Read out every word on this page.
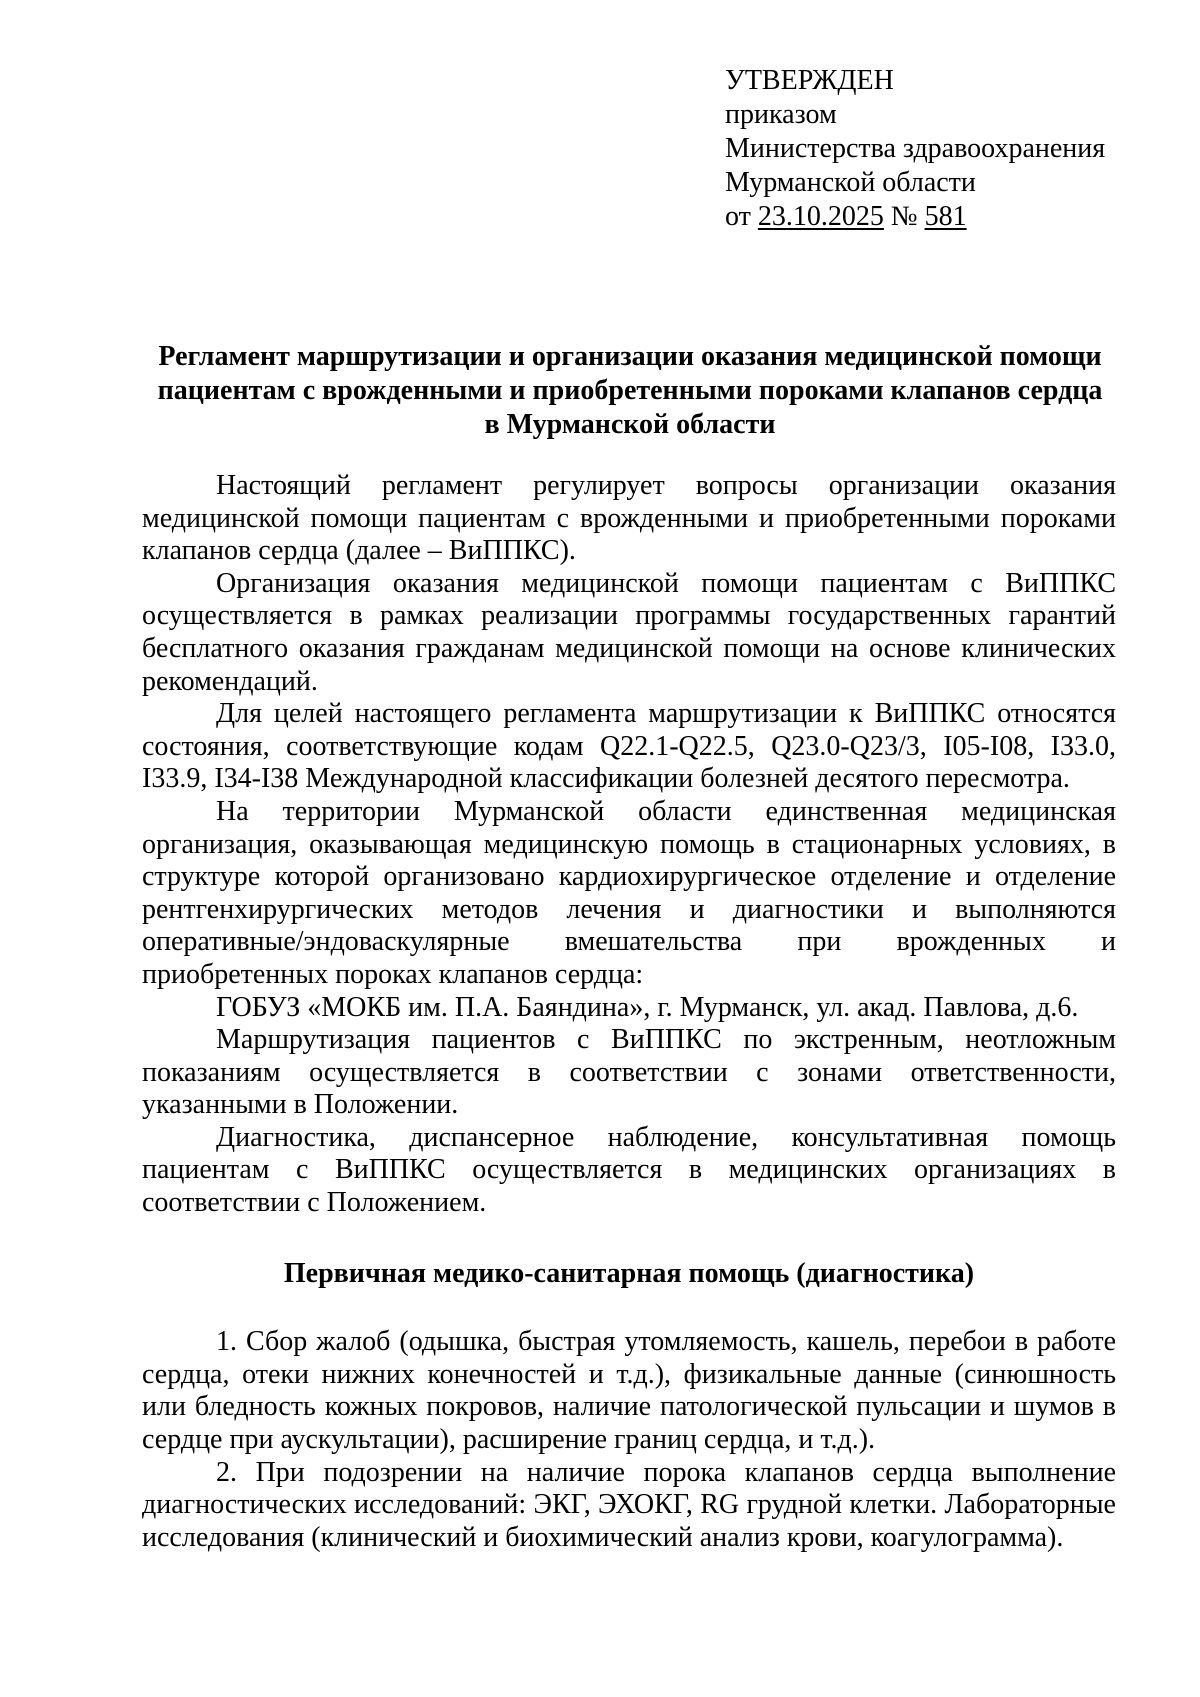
УТВЕРЖДЕН
приказом
Министерства здравоохранения
Мурманской области
от 23.10.2025 № 581
Регламент маршрутизации и организации оказания медицинской помощи
пациентам с врожденными и приобретенными пороками клапанов сердца
в Мурманской области

Настоящий регламент регулирует вопросы организации оказания медицинской помощи пациентам с врожденными и приобретенными пороками клапанов сердца (далее – ВиППКС).

Организация оказания медицинской помощи пациентам с ВиППКС осуществляется в рамках реализации программы государственных гарантий бесплатного оказания гражданам медицинской помощи на основе клинических рекомендаций.

Для целей настоящего регламента маршрутизации к ВиППКС относятся состояния, соответствующие кодам Q22.1-Q22.5, Q23.0-Q23/3, I05-I08, I33.0, I33.9, I34-I38 Международной классификации болезней десятого пересмотра.

На территории Мурманской области единственная медицинская организация, оказывающая медицинскую помощь в стационарных условиях, в структуре которой организовано кардиохирургическое отделение и отделение рентгенхирургических методов лечения и диагностики и выполняются оперативные/эндоваскулярные вмешательства при врожденных и приобретенных пороках клапанов сердца:

ГОБУЗ «МОКБ им. П.А. Баяндина», г. Мурманск, ул. акад. Павлова, д.6.

Маршрутизация пациентов с ВиППКС по экстренным, неотложным показаниям осуществляется в соответствии с зонами ответственности, указанными в Положении.

Диагностика, диспансерное наблюдение, консультативная помощь пациентам с ВиППКС осуществляется в медицинских организациях в соответствии с Положением.

Первичная медико-санитарная помощь (диагностика)

1. Сбор жалоб (одышка, быстрая утомляемость, кашель, перебои в работе сердца, отеки нижних конечностей и т.д.), физикальные данные (синюшность или бледность кожных покровов, наличие патологической пульсации и шумов в сердце при аускультации), расширение границ сердца, и т.д.).

2. При подозрении на наличие порока клапанов сердца выполнение диагностических исследований: ЭКГ, ЭХОКГ, RG грудной клетки. Лабораторные исследования (клинический и биохимический анализ крови, коагулограмма).
